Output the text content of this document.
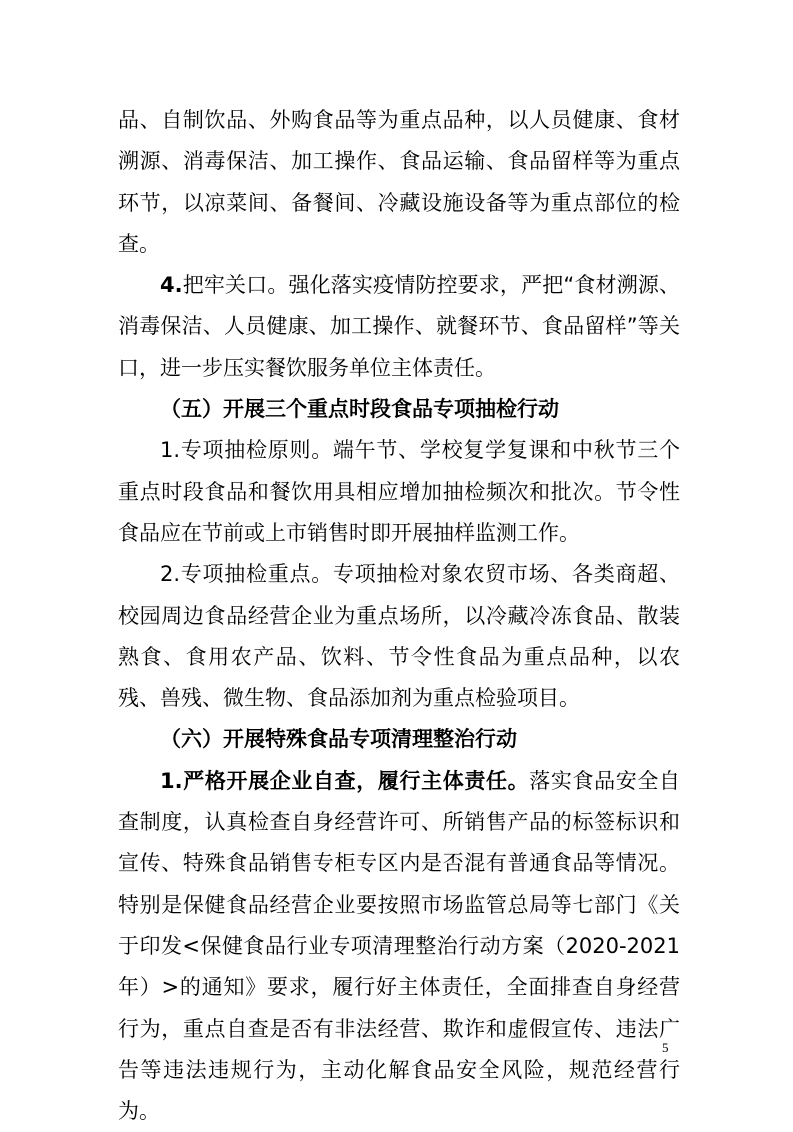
品、自制饮品、外购食品等为重点品种，以人员健康、食材溯源、消毒保洁、加工操作、食品运输、食品留样等为重点环节，以凉菜间、备餐间、冷藏设施设备等为重点部位的检查。

4.把牢关口。强化落实疫情防控要求，严把“食材溯源、消毒保洁、人员健康、加工操作、就餐环节、食品留样”等关口，进一步压实餐饮服务单位主体责任。

（五）开展三个重点时段食品专项抽检行动

1.专项抽检原则。端午节、学校复学复课和中秋节三个重点时段食品和餐饮用具相应增加抽检频次和批次。节令性食品应在节前或上市销售时即开展抽样监测工作。

2.专项抽检重点。专项抽检对象农贸市场、各类商超、校园周边食品经营企业为重点场所，以冷藏冷冻食品、散装熟食、食用农产品、饮料、节令性食品为重点品种，以农残、兽残、微生物、食品添加剂为重点检验项目。

（六）开展特殊食品专项清理整治行动

1.严格开展企业自查，履行主体责任。落实食品安全自查制度，认真检查自身经营许可、所销售产品的标签标识和宣传、特殊食品销售专柜专区内是否混有普通食品等情况。特别是保健食品经营企业要按照市场监管总局等七部门《关于印发<保健食品行业专项清理整治行动方案（2020-2021年）>的通知》要求，履行好主体责任，全面排查自身经营行为，重点自查是否有非法经营、欺诈和虚假宣传、违法广告等违法违规行为，主动化解食品安全风险，规范经营行为。

5
